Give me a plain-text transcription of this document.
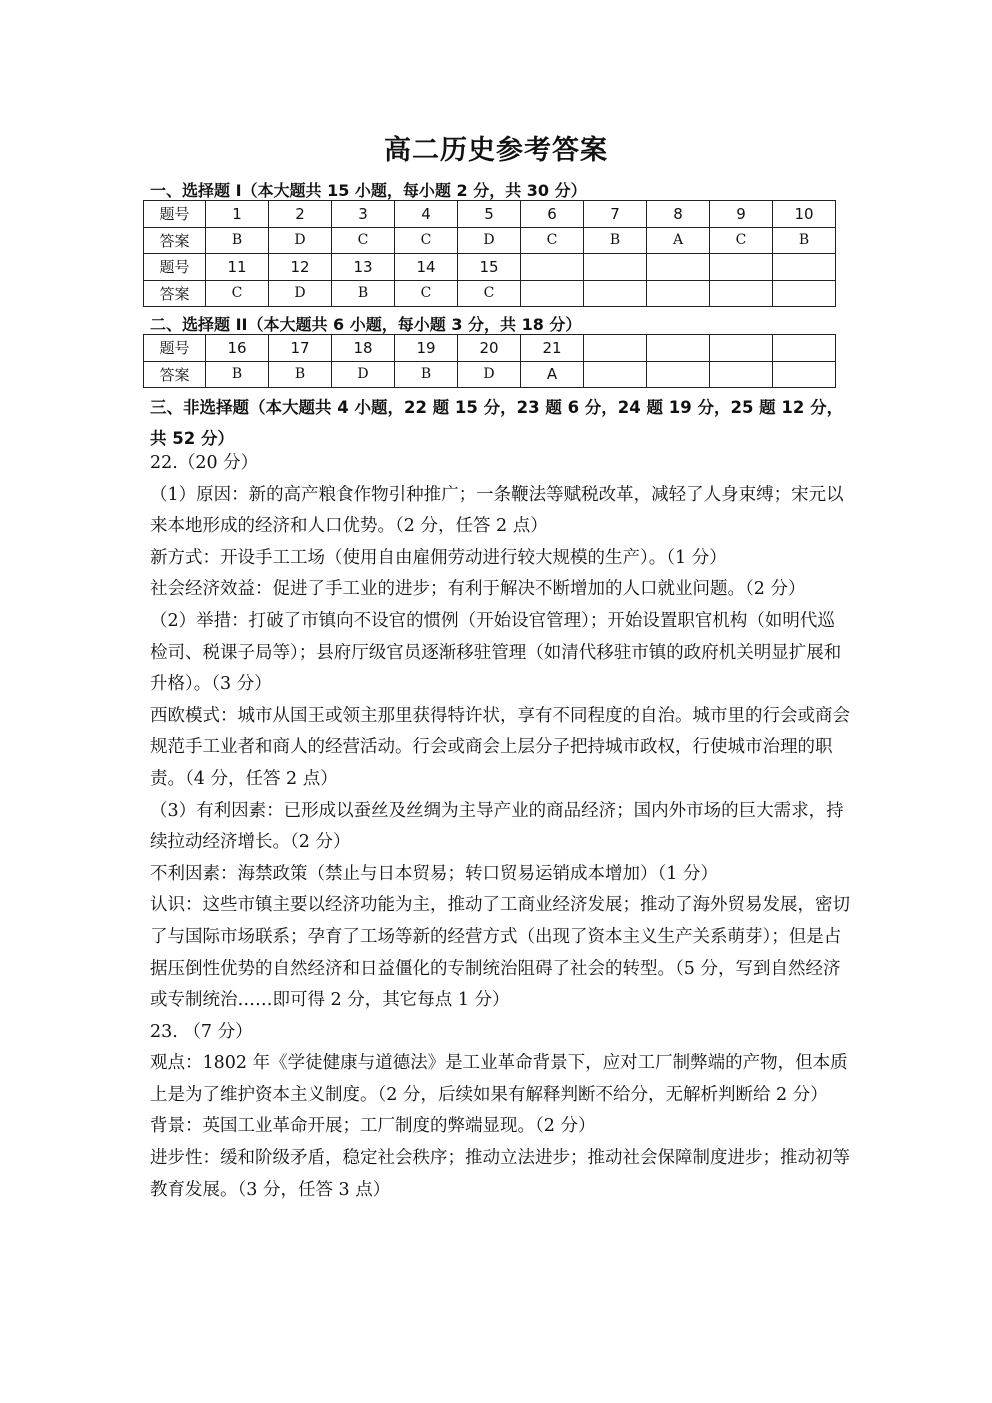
高二历史参考答案
一、选择题 I（本大题共 15 小题，每小题 2 分，共 30 分）
题号	1	2	3	4	5	6	7	8	9	10
答案	B	D	C	C	D	C	B	A	C	B
题号	11	12	13	14	15					
答案	C	D	B	C	C					
二、选择题 II（本大题共 6 小题，每小题 3 分，共 18 分）
题号	16	17	18	19	20	21				
答案	B	B	D	B	D	A				
三、非选择题（本大题共 4 小题，22 题 15 分，23 题 6 分，24 题 19 分，25 题 12 分，共 52 分）

22.（20 分）

（1）原因：新的高产粮食作物引种推广；一条鞭法等赋税改革，减轻了人身束缚；宋元以来本地形成的经济和人口优势。（2 分，任答 2 点）

新方式：开设手工工场（使用自由雇佣劳动进行较大规模的生产）。（1 分）

社会经济效益：促进了手工业的进步；有利于解决不断增加的人口就业问题。（2 分）

（2）举措：打破了市镇向不设官的惯例（开始设官管理）；开始设置职官机构（如明代巡检司、税课子局等）；县府厅级官员逐渐移驻管理（如清代移驻市镇的政府机关明显扩展和升格）。（3 分）

西欧模式：城市从国王或领主那里获得特许状，享有不同程度的自治。城市里的行会或商会规范手工业者和商人的经营活动。行会或商会上层分子把持城市政权，行使城市治理的职责。（4 分，任答 2 点）

（3）有利因素：已形成以蚕丝及丝绸为主导产业的商品经济；国内外市场的巨大需求，持续拉动经济增长。（2 分）

不利因素：海禁政策（禁止与日本贸易；转口贸易运销成本增加）（1 分）

认识：这些市镇主要以经济功能为主，推动了工商业经济发展；推动了海外贸易发展，密切了与国际市场联系；孕育了工场等新的经营方式（出现了资本主义生产关系萌芽）；但是占据压倒性优势的自然经济和日益僵化的专制统治阻碍了社会的转型。（5 分，写到自然经济或专制统治……即可得 2 分，其它每点 1 分）

23. （7 分）

观点：1802 年《学徒健康与道德法》是工业革命背景下，应对工厂制弊端的产物，但本质上是为了维护资本主义制度。（2 分，后续如果有解释判断不给分，无解析判断给 2 分）

背景：英国工业革命开展；工厂制度的弊端显现。（2 分）

进步性：缓和阶级矛盾，稳定社会秩序；推动立法进步；推动社会保障制度进步；推动初等教育发展。（3 分，任答 3 点）
